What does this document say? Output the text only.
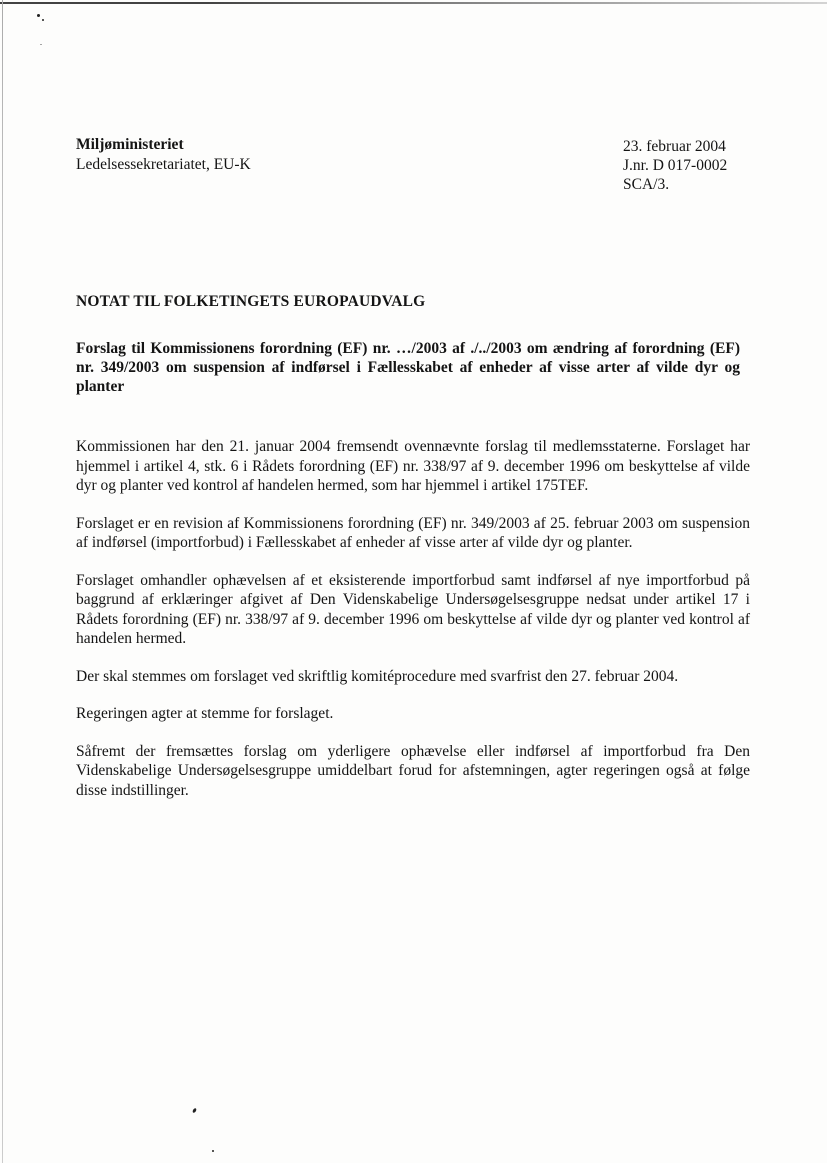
Miljøministeriet
Ledelsessekretariatet, EU-K
23. februar 2004
J.nr. D 017-0002
SCA/3.
NOTAT TIL FOLKETINGETS EUROPAUDVALG
Forslag til Kommissionens forordning (EF) nr. …/2003 af ./../2003 om ændring af forordning (EF) nr. 349/2003 om suspension af indførsel i Fællesskabet af enheder af visse arter af vilde dyr og planter

Kommissionen har den 21. januar 2004 fremsendt ovennævnte forslag til medlemsstaterne. Forslaget har hjemmel i artikel 4, stk. 6 i Rådets forordning (EF) nr. 338/97 af 9. december 1996 om beskyttelse af vilde dyr og planter ved kontrol af handelen hermed, som har hjemmel i artikel 175TEF.

Forslaget er en revision af Kommissionens forordning (EF) nr. 349/2003 af 25. februar 2003 om suspension af indførsel (importforbud) i Fællesskabet af enheder af visse arter af vilde dyr og planter.

Forslaget omhandler ophævelsen af et eksisterende importforbud samt indførsel af nye importforbud på baggrund af erklæringer afgivet af Den Videnskabelige Undersøgelsesgruppe nedsat under artikel 17 i Rådets forordning (EF) nr. 338/97 af 9. december 1996 om beskyttelse af vilde dyr og planter ved kontrol af handelen hermed.

Der skal stemmes om forslaget ved skriftlig komitéprocedure med svarfrist den 27. februar 2004.

Regeringen agter at stemme for forslaget.

Såfremt der fremsættes forslag om yderligere ophævelse eller indførsel af importforbud fra Den Videnskabelige Undersøgelsesgruppe umiddelbart forud for afstemningen, agter regeringen også at følge disse indstillinger.
